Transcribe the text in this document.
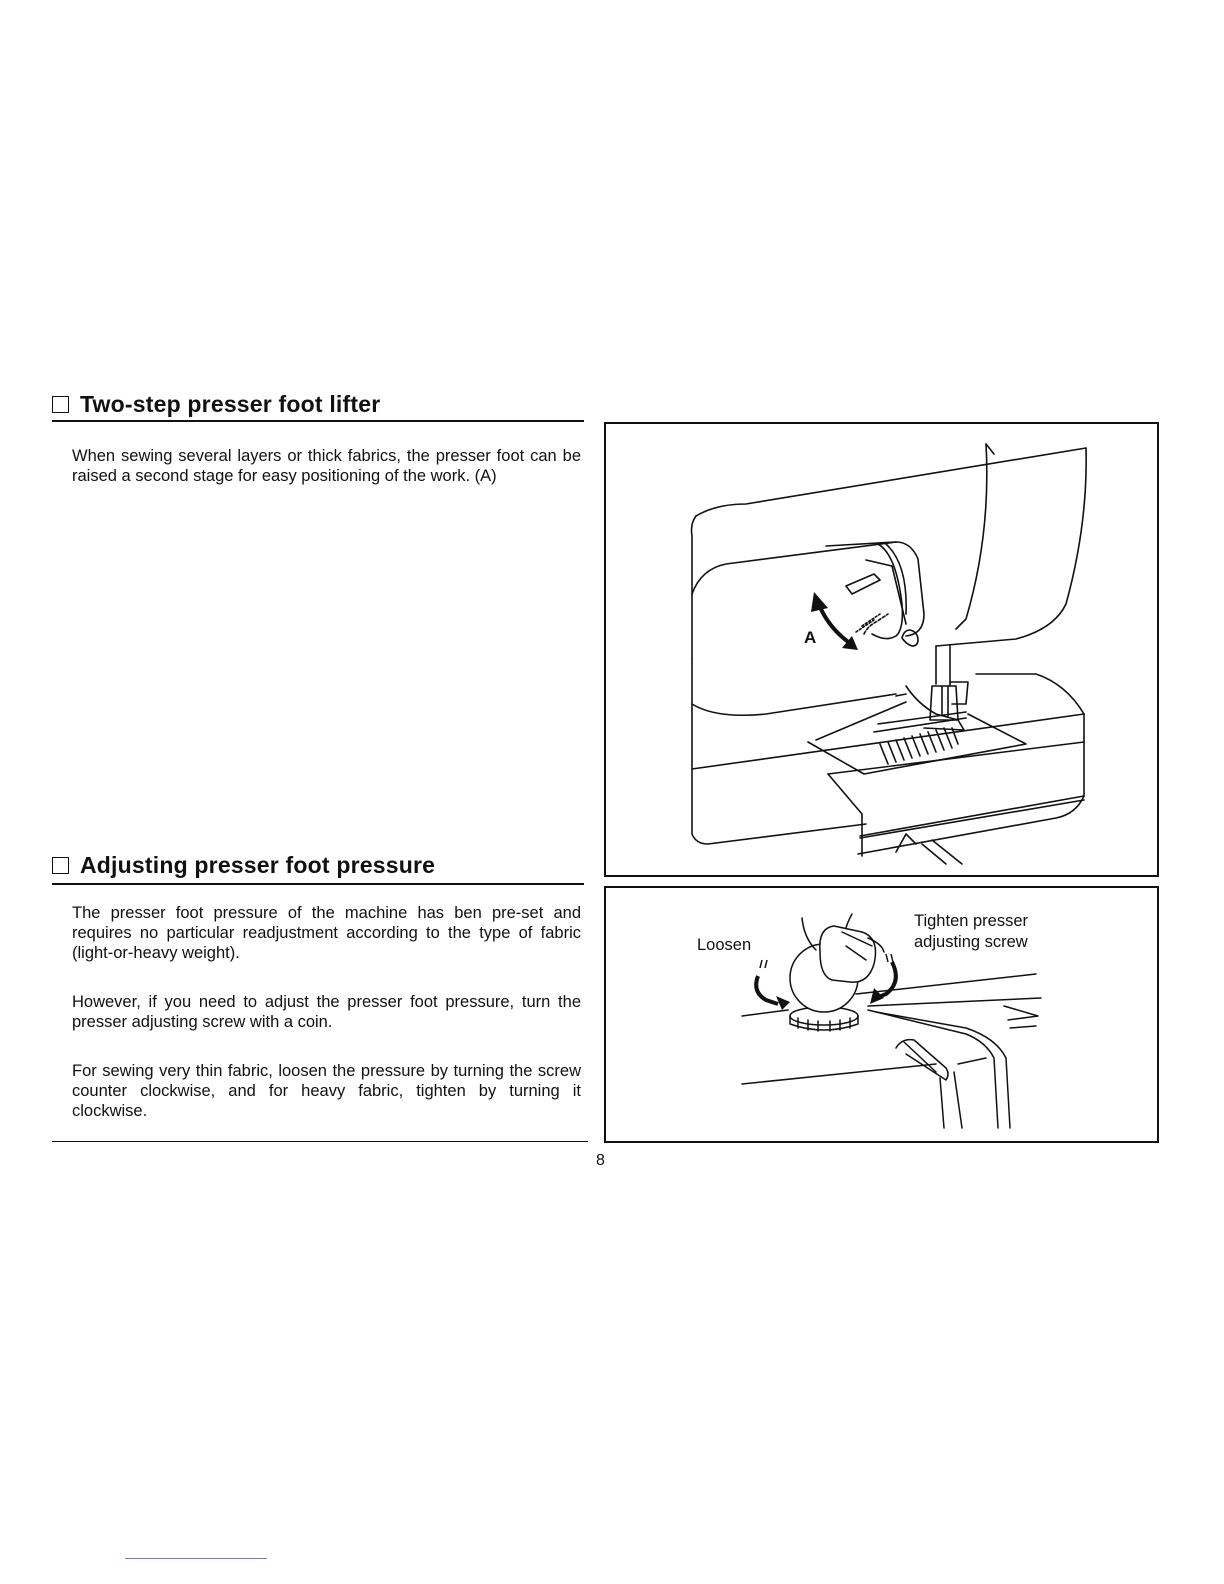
Two-step presser foot lifter

When sewing several layers or thick fabrics, the presser foot can be raised a second stage for easy positioning of the work. (A)

Adjusting presser foot pressure

The presser foot pressure of the machine has ben pre-set and requires no particular readjustment according to the type of fabric (light-or-heavy weight).

However, if you need to adjust the presser foot pressure, turn the presser adjusting screw with a coin.

For sewing very thin fabric, loosen the pressure by turning the screw counter clockwise, and for heavy fabric, tighten by turning it clockwise.

A
Loosen
Tighten presser
adjusting screw
8
